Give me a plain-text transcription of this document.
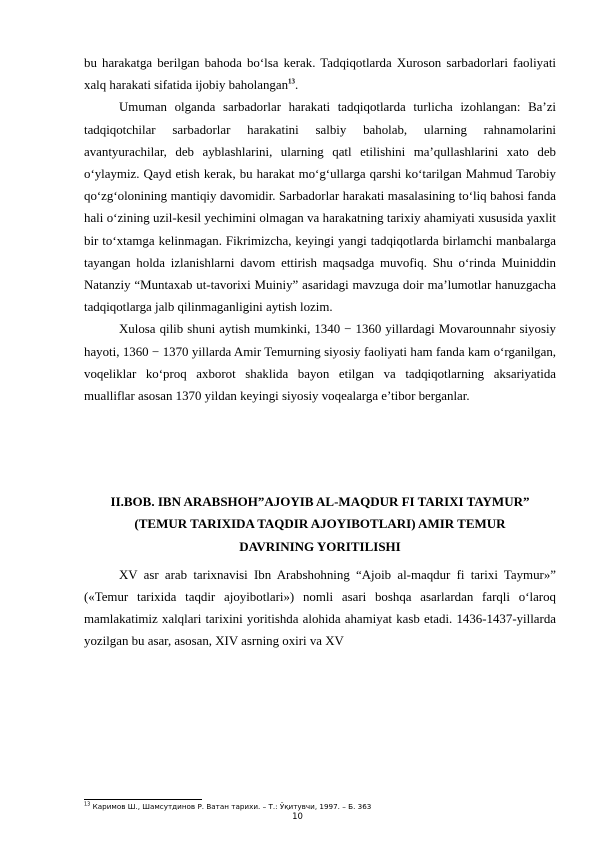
bu harakatga berilgan bahoda bo‘lsa kerak. Tadqiqotlarda Xuroson sarbadorlari faoliyati xalq harakati sifatida ijobiy baholangan$^{13}$.

Umuman olganda sarbadorlar harakati tadqiqotlarda turlicha izohlangan: Ba’zi tadqiqotchilar sarbadorlar harakatini salbiy baholab, ularning rahnamolarini avantyurachilar, deb ayblashlarini, ularning qatl etilishini ma’qullashlarini xato deb o‘ylaymiz. Qayd etish kerak, bu harakat mo‘g‘ullarga qarshi ko‘tarilgan Mahmud Tarobiy qo‘zg‘olonining mantiqiy davomidir. Sarbadorlar harakati masalasining to‘liq bahosi fanda hali o‘zining uzil-kesil yechimini olmagan va harakatning tarixiy ahamiyati xususida yaxlit bir to‘xtamga kelinmagan. Fikrimizcha, keyingi yangi tadqiqotlarda birlamchi manbalarga tayangan holda izlanishlarni davom ettirish maqsadga muvofiq. Shu o‘rinda Muiniddin Natanziy “Muntaxab ut-tavorixi Muiniy” asaridagi mavzuga doir ma’lumotlar hanuzgacha tadqiqotlarga jalb qilinmaganligini aytish lozim.

Xulosa qilib shuni aytish mumkinki, 1340 − 1360 yillardagi Movarounnahr siyosiy hayoti, 1360 − 1370 yillarda Amir Temurning siyosiy faoliyati ham fanda kam o‘rganilgan, voqeliklar ko‘proq axborot shaklida bayon etilgan va tadqiqotlarning aksariyatida mualliflar asosan 1370 yildan keyingi siyosiy voqealarga e’tibor berganlar.

II.BOB. IBN ARABSHOH”AJOYIB AL-MAQDUR FI TARIXI TAYMUR”
(TEMUR TARIXIDA TAQDIR AJOYIBOTLARI) AMIR TEMUR
DAVRINING YORITILISHI

XV asr arab tarixnavisi Ibn Arabshohning “Ajoib al-maqdur fi tarixi Taymur»” («Temur tarixida taqdir ajoyibotlari») nomli asari boshqa asarlardan farqli o‘laroq mamlakatimiz xalqlari tarixini yoritishda alohida ahamiyat kasb etadi. 1436-1437-yillarda yozilgan bu asar, asosan, XIV asrning oxiri va XV

$^{13}$ Каримов Ш., Шамсутдинов Р. Ватан тарихи. – Т.: Ўқитувчи, 1997. – Б. 363
10
